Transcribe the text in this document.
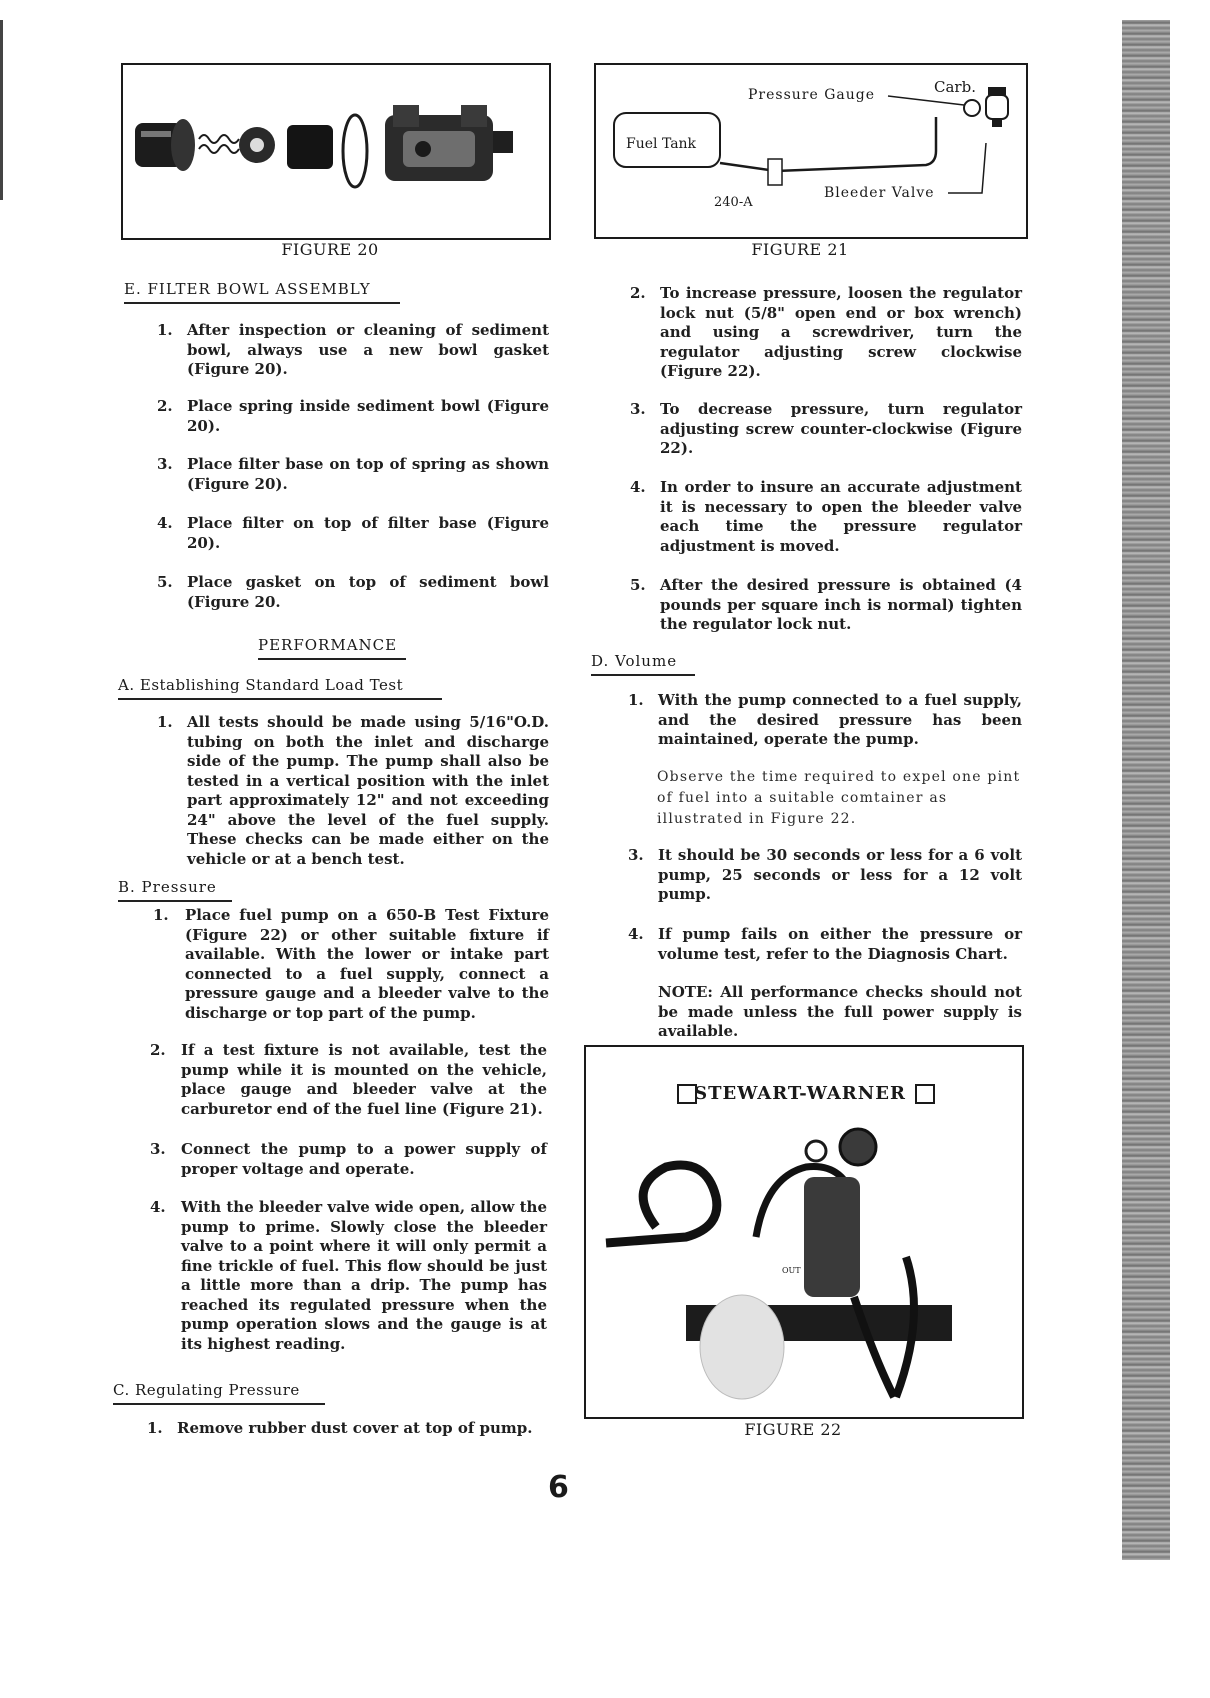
FIGURE 20
Fuel Tank
240-A
Pressure Gauge	Carb.
Bleeder Valve
FIGURE 21
E. FILTER BOWL ASSEMBLY
1. After inspection or cleaning of sediment bowl, always use a new bowl gasket (Figure 20).
2. Place spring inside sediment bowl (Figure 20).
3. Place filter base on top of spring as shown (Figure 20).
4. Place filter on top of filter base (Figure 20).
5. Place gasket on top of sediment bowl (Figure 20.
PERFORMANCE
A. Establishing Standard Load Test
1. All tests should be made using 5/16"O.D. tubing on both the inlet and discharge side of the pump. The pump shall also be tested in a vertical position with the inlet part approximately 12" and not exceeding 24" above the level of the fuel supply. These checks can be made either on the vehicle or at a bench test.
B. Pressure
1.	Place fuel pump on a 650-B Test Fixture (Figure 22) or other suitable fixture if available. With the lower or intake part connected to a fuel supply, connect a pressure gauge and a bleeder valve to the discharge or top part of the pump.
2.	If a test fixture is not available, test the pump while it is mounted on the vehicle, place gauge and bleeder valve at the carburetor end of the fuel line (Figure 21).
3.	Connect the pump to a power supply of proper voltage and operate.
4.	With the bleeder valve wide open, allow the pump to prime. Slowly close the bleeder valve to a point where it will only permit a fine trickle of fuel. This flow should be just a little more than a drip. The pump has reached its regulated pressure when the pump operation slows and the gauge is at its highest reading.
C. Regulating Pressure
1. Remove rubber dust cover at top of pump.
2. To increase pressure, loosen the regulator lock nut (5/8" open end or box wrench) and using a screwdriver, turn the regulator adjusting screw clockwise (Figure 22).
3. To decrease pressure, turn regulator adjusting screw counter-clockwise (Figure 22).
4. In order to insure an accurate adjustment it is necessary to open the bleeder valve each time the pressure regulator adjustment is moved.
5. After the desired pressure is obtained (4 pounds per square inch is normal) tighten the regulator lock nut.
D. Volume
1. With the pump connected to a fuel supply, and the desired pressure has been maintained, operate the pump.
Observe the time required to expel one pint of fuel into a suitable comtainer as illustrated in Figure 22.
3. It should be 30 seconds or less for a 6 volt pump, 25 seconds or less for a 12 volt pump.
4. If pump fails on either the pressure or volume test, refer to the Diagnosis Chart.
NOTE: All performance checks should not be made unless the full power supply is available.
STEWART-WARNER
OUT
FIGURE 22
6
